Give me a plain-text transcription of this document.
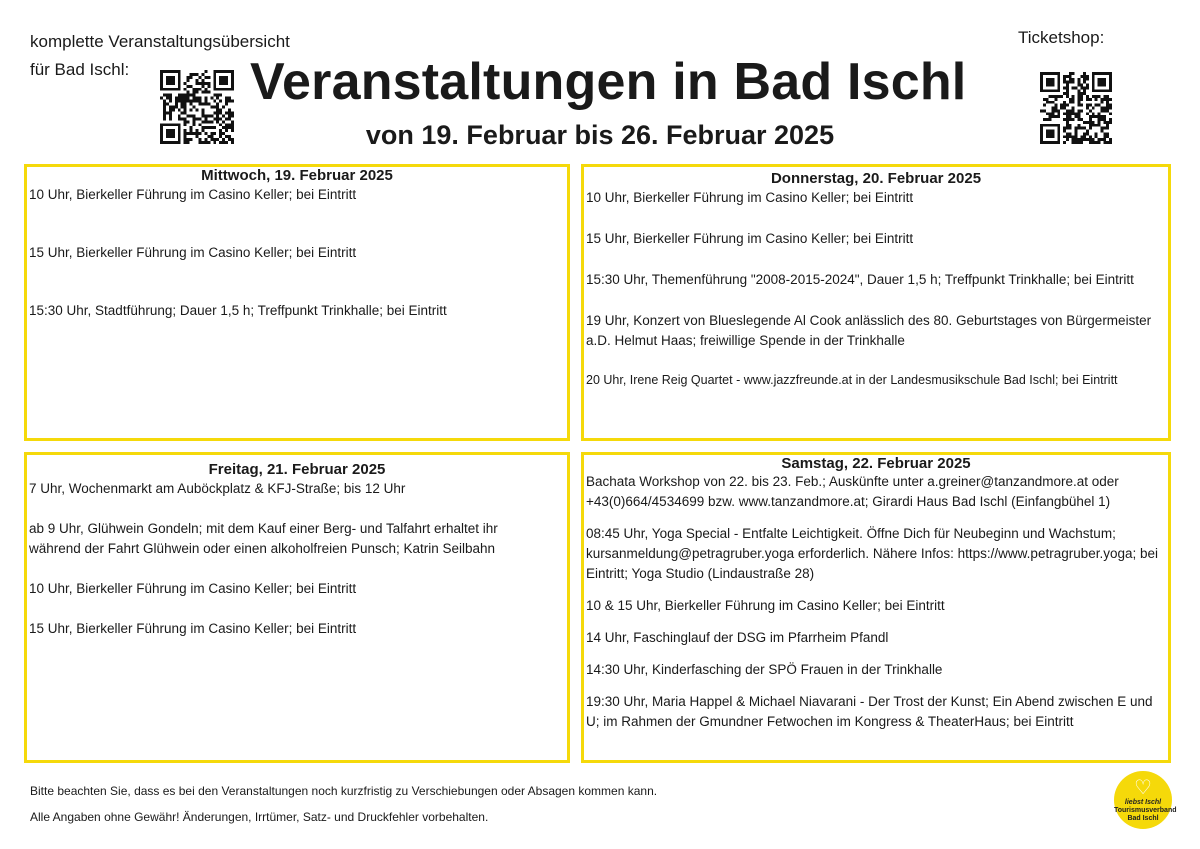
komplette Veranstaltungsübersicht
für Bad Ischl:
Ticketshop:
Veranstaltungen in Bad Ischl
von 19. Februar bis 26. Februar 2025
Mittwoch, 19. Februar 2025

10 Uhr, Bierkeller Führung im Casino Keller; bei Eintritt

15 Uhr, Bierkeller Führung im Casino Keller; bei Eintritt

15:30 Uhr, Stadtführung; Dauer 1,5 h; Treffpunkt Trinkhalle; bei Eintritt

Donnerstag, 20. Februar 2025

10 Uhr, Bierkeller Führung im Casino Keller; bei Eintritt

15 Uhr, Bierkeller Führung im Casino Keller; bei Eintritt

15:30 Uhr, Themenführung "2008-2015-2024", Dauer 1,5 h; Treffpunkt Trinkhalle; bei Eintritt

19 Uhr, Konzert von Blueslegende Al Cook anlässlich des 80. Geburtstages von Bürgermeister a.D. Helmut Haas; freiwillige Spende in der Trinkhalle

20 Uhr, Irene Reig Quartet - www.jazzfreunde.at in der Landesmusikschule Bad Ischl; bei Eintritt

Freitag, 21. Februar 2025

7 Uhr, Wochenmarkt am Auböckplatz & KFJ-Straße; bis 12 Uhr

ab 9 Uhr, Glühwein Gondeln; mit dem Kauf einer Berg- und Talfahrt erhaltet ihr während der Fahrt Glühwein oder einen alkoholfreien Punsch; Katrin Seilbahn

10 Uhr, Bierkeller Führung im Casino Keller; bei Eintritt

15 Uhr, Bierkeller Führung im Casino Keller; bei Eintritt

Samstag, 22. Februar 2025

Bachata Workshop von 22. bis 23. Feb.; Auskünfte unter a.greiner@tanzandmore.at oder +43(0)664/4534699 bzw. www.tanzandmore.at; Girardi Haus Bad Ischl (Einfangbühel 1)

08:45 Uhr, Yoga Special - Entfalte Leichtigkeit. Öffne Dich für Neubeginn und Wachstum; kursanmeldung@petragruber.yoga erforderlich. Nähere Infos: https://www.petragruber.yoga; bei Eintritt; Yoga Studio (Lindaustraße 28)

10 & 15 Uhr, Bierkeller Führung im Casino Keller; bei Eintritt

14 Uhr, Faschinglauf der DSG im Pfarrheim Pfandl

14:30 Uhr, Kinderfasching der SPÖ Frauen in der Trinkhalle

19:30 Uhr, Maria Happel & Michael Niavarani - Der Trost der Kunst; Ein Abend zwischen E und U; im Rahmen der Gmundner Fetwochen im Kongress & TheaterHaus; bei Eintritt

Bitte beachten Sie, dass es bei den Veranstaltungen noch kurzfristig zu Verschiebungen oder Absagen kommen kann.
Alle Angaben ohne Gewähr! Änderungen, Irrtümer, Satz- und Druckfehler vorbehalten.
♡
liebst Ischl
Tourismusverband
Bad Ischl
